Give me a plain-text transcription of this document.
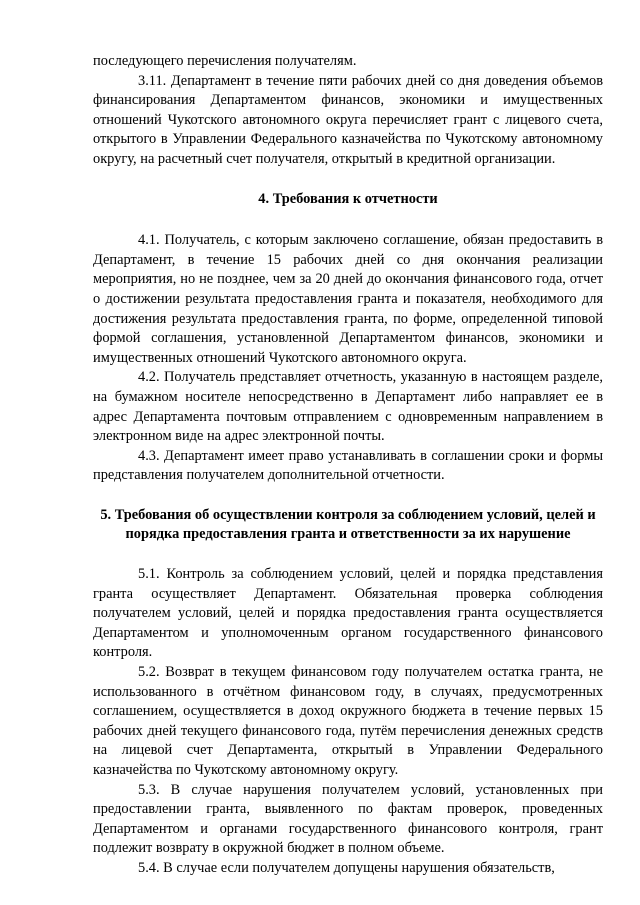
последующего перечисления получателям.

3.11. Департамент в течение пяти рабочих дней со дня доведения объемов финансирования Департаментом финансов, экономики и имущественных отношений Чукотского автономного округа перечисляет грант с лицевого счета, открытого в Управлении Федерального казначейства по Чукотскому автономному округу, на расчетный счет получателя, открытый в кредитной организации.

4. Требования к отчетности

4.1. Получатель, с которым заключено соглашение, обязан предоставить в Департамент, в течение 15 рабочих дней со дня окончания реализации мероприятия, но не позднее, чем за 20 дней до окончания финансового года, отчет о достижении результата предоставления гранта и показателя, необходимого для достижения результата предоставления гранта, по форме, определенной типовой формой соглашения, установленной Департаментом финансов, экономики и имущественных отношений Чукотского автономного округа.

4.2. Получатель представляет отчетность, указанную в настоящем разделе, на бумажном носителе непосредственно в Департамент либо направляет ее в адрес Департамента почтовым отправлением с одновременным направлением в электронном виде на адрес электронной почты.

4.3. Департамент имеет право устанавливать в соглашении сроки и формы представления получателем дополнительной отчетности.

5. Требования об осуществлении контроля за соблюдением условий, целей и порядка предоставления гранта и ответственности за их нарушение

5.1. Контроль за соблюдением условий, целей и порядка представления гранта осуществляет Департамент. Обязательная проверка соблюдения получателем условий, целей и порядка предоставления гранта осуществляется Департаментом и уполномоченным органом государственного финансового контроля.

5.2. Возврат в текущем финансовом году получателем остатка гранта, не использованного в отчётном финансовом году, в случаях, предусмотренных соглашением, осуществляется в доход окружного бюджета в течение первых 15 рабочих дней текущего финансового года, путём перечисления денежных средств на лицевой счет Департамента, открытый в Управлении Федерального казначейства по Чукотскому автономному округу.

5.3. В случае нарушения получателем условий, установленных при предоставлении гранта, выявленного по фактам проверок, проведенных Департаментом и органами государственного финансового контроля, грант подлежит возврату в окружной бюджет в полном объеме.

5.4. В случае если получателем допущены нарушения обязательств,
